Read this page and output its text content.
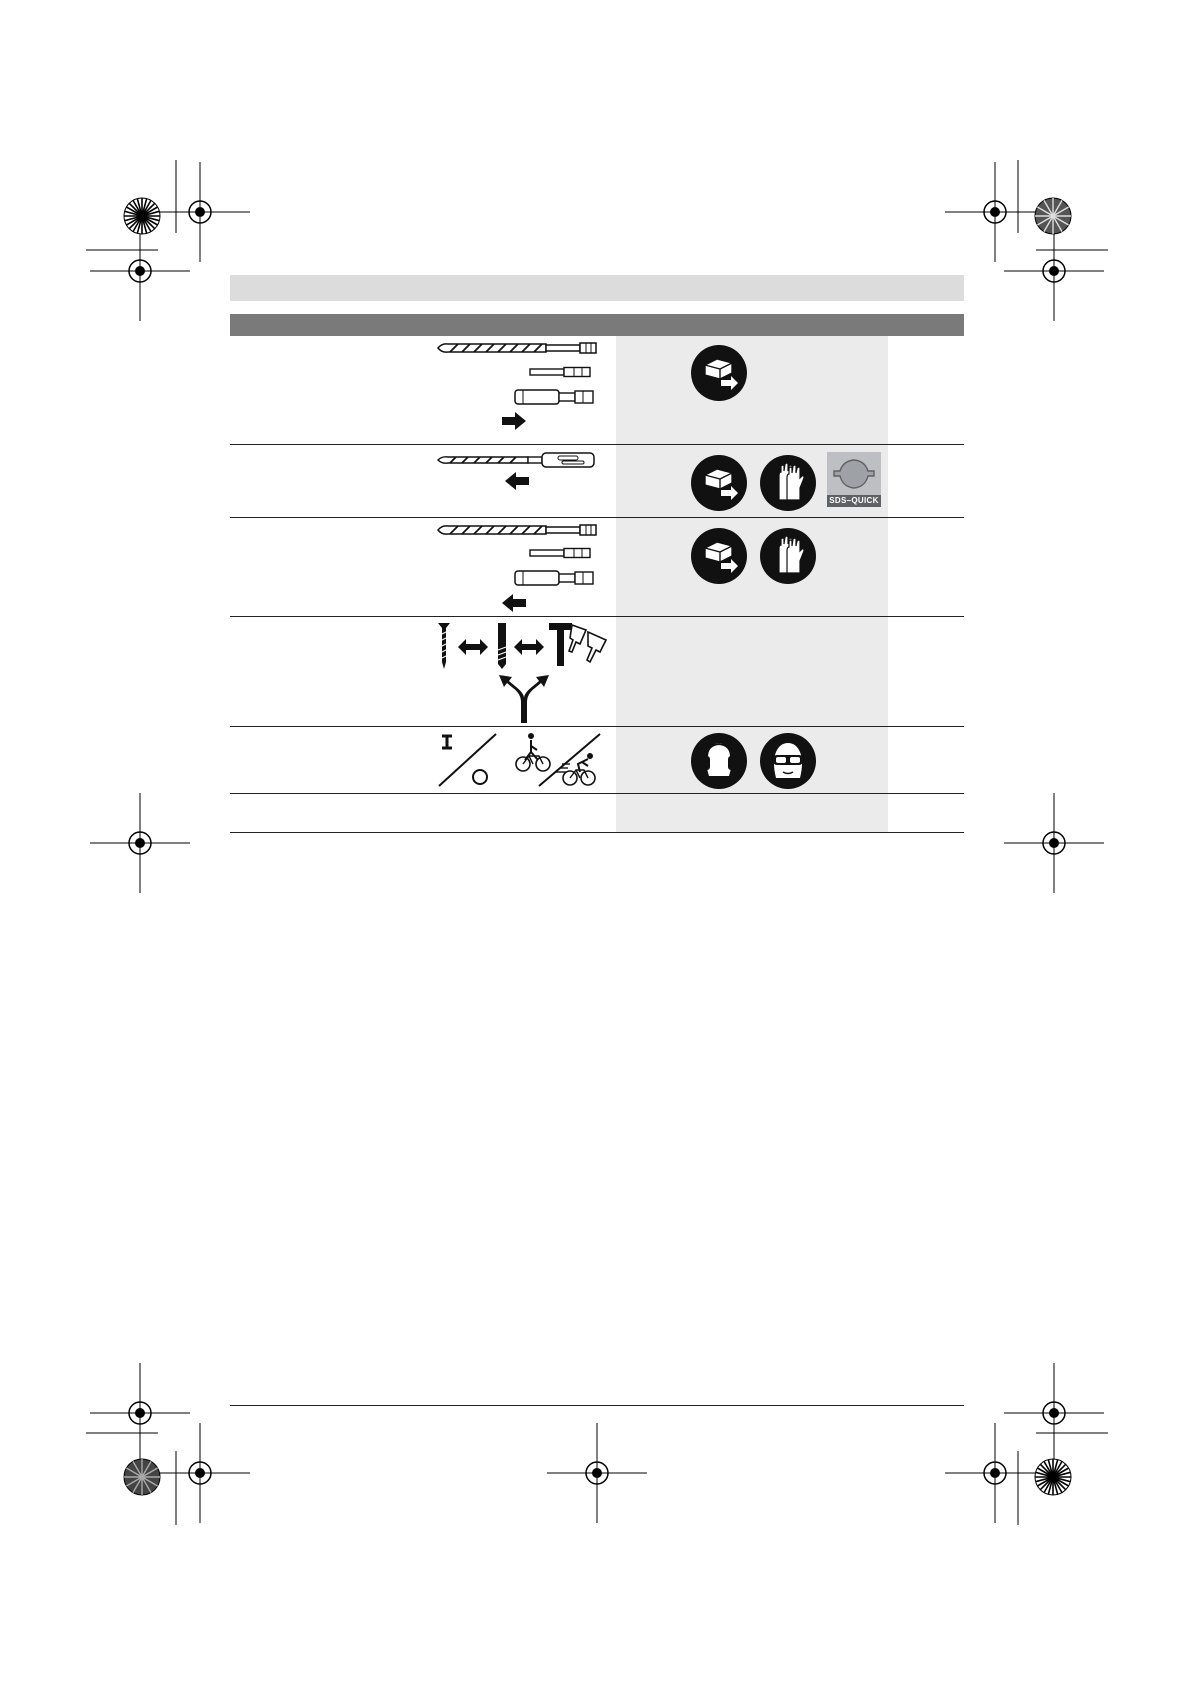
SDS–QUICK
